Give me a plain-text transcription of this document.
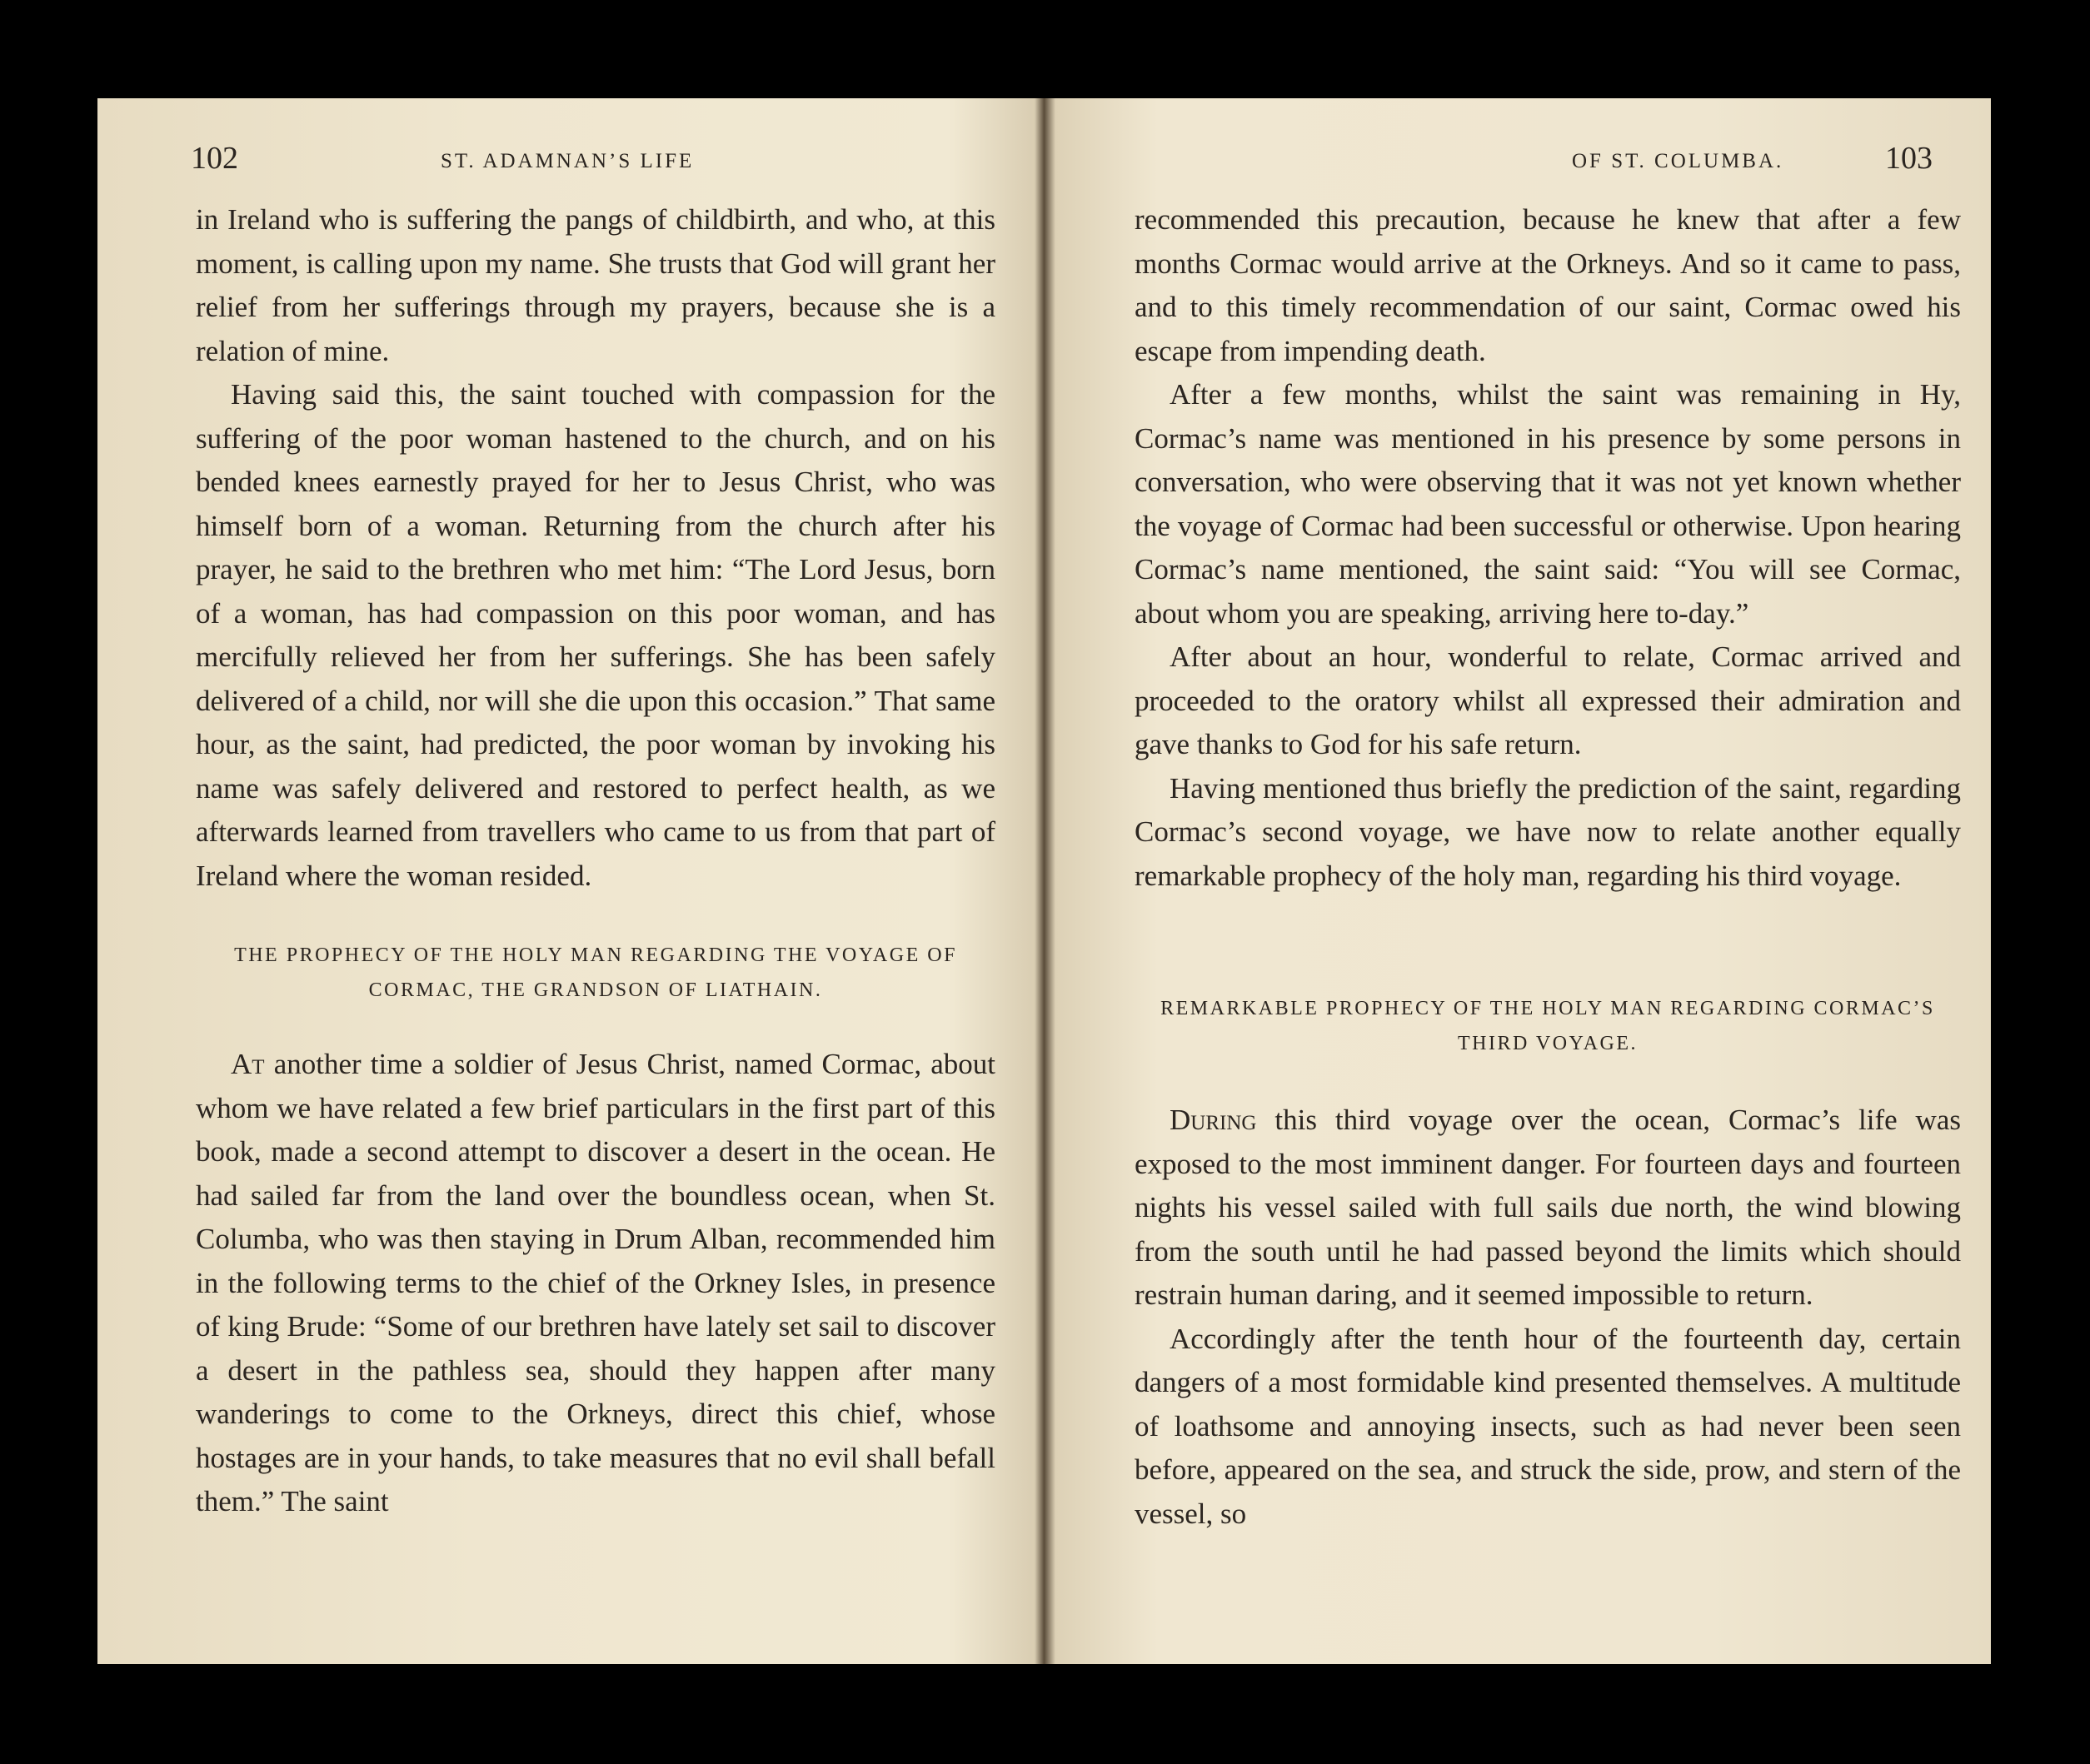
102	ST. ADAMNAN’S LIFE

in Ireland who is suffering the pangs of childbirth, and who, at this moment, is calling upon my name. She trusts that God will grant her relief from her sufferings through my prayers, because she is a relation of mine.

Having said this, the saint touched with compassion for the suffering of the poor woman hastened to the church, and on his bended knees earnestly prayed for her to Jesus Christ, who was himself born of a woman. Returning from the church after his prayer, he said to the brethren who met him: “The Lord Jesus, born of a woman, has had compassion on this poor woman, and has mercifully relieved her from her sufferings. She has been safely delivered of a child, nor will she die upon this occasion.” That same hour, as the saint, had predicted, the poor woman by invoking his name was safely delivered and restored to perfect health, as we afterwards learned from travellers who came to us from that part of Ireland where the woman resided.

THE PROPHECY OF THE HOLY MAN REGARDING THE VOYAGE OF CORMAC, THE GRANDSON OF LIATHAIN.

At another time a soldier of Jesus Christ, named Cormac, about whom we have related a few brief particulars in the first part of this book, made a second attempt to discover a desert in the ocean. He had sailed far from the land over the boundless ocean, when St. Columba, who was then staying in Drum Alban, recommended him in the following terms to the chief of the Orkney Isles, in presence of king Brude: “Some of our brethren have lately set sail to discover a desert in the pathless sea, should they happen after many wanderings to come to the Orkneys, direct this chief, whose hostages are in your hands, to take measures that no evil shall befall them.” The saint

OF ST. COLUMBA.	103

recommended this precaution, because he knew that after a few months Cormac would arrive at the Orkneys. And so it came to pass, and to this timely recommendation of our saint, Cormac owed his escape from impending death.

After a few months, whilst the saint was remaining in Hy, Cormac’s name was mentioned in his presence by some persons in conversation, who were observing that it was not yet known whether the voyage of Cormac had been successful or otherwise. Upon hearing Cormac’s name mentioned, the saint said: “You will see Cormac, about whom you are speaking, arriving here to-day.”

After about an hour, wonderful to relate, Cormac arrived and proceeded to the oratory whilst all expressed their admiration and gave thanks to God for his safe return.

Having mentioned thus briefly the prediction of the saint, regarding Cormac’s second voyage, we have now to relate another equally remarkable prophecy of the holy man, regarding his third voyage.

REMARKABLE PROPHECY OF THE HOLY MAN REGARDING CORMAC’S THIRD VOYAGE.

During this third voyage over the ocean, Cormac’s life was exposed to the most imminent danger. For fourteen days and fourteen nights his vessel sailed with full sails due north, the wind blowing from the south until he had passed beyond the limits which should restrain human daring, and it seemed impossible to return.

Accordingly after the tenth hour of the fourteenth day, certain dangers of a most formidable kind presented themselves. A multitude of loathsome and annoying insects, such as had never been seen before, appeared on the sea, and struck the side, prow, and stern of the vessel, so
